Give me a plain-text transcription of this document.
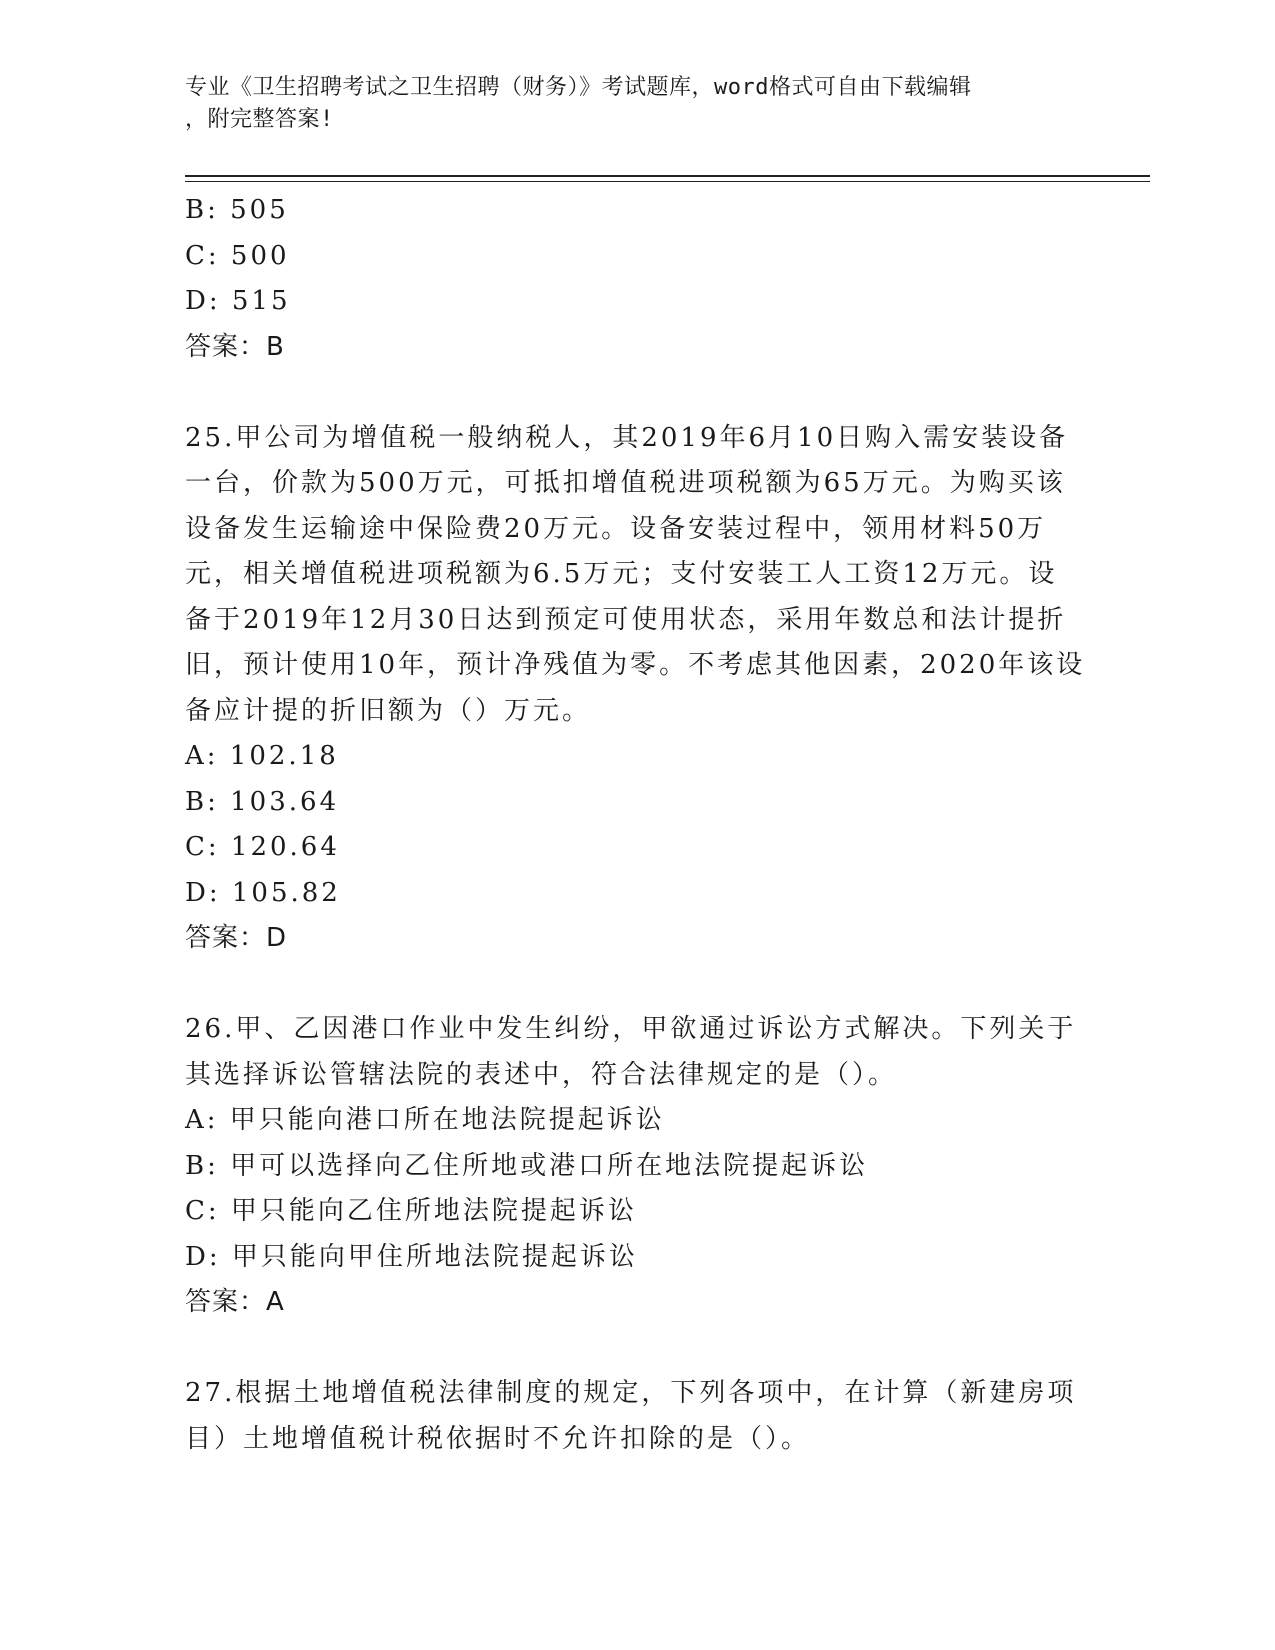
专业《卫生招聘考试之卫生招聘（财务）》考试题库，word格式可自由下载编辑
，附完整答案!
B: 505
C: 500
D: 515
答案：B
25.甲公司为增值税一般纳税人，其2019年6月10日购入需安装设备
一台，价款为500万元，可抵扣增值税进项税额为65万元。为购买该
设备发生运输途中保险费20万元。设备安装过程中，领用材料50万
元，相关增值税进项税额为6.5万元；支付安装工人工资12万元。设
备于2019年12月30日达到预定可使用状态，采用年数总和法计提折
旧，预计使用10年，预计净残值为零。不考虑其他因素，2020年该设
备应计提的折旧额为（）万元。
A: 102.18
B: 103.64
C: 120.64
D: 105.82
答案：D
26.甲、乙因港口作业中发生纠纷，甲欲通过诉讼方式解决。下列关于
其选择诉讼管辖法院的表述中，符合法律规定的是（）。
A: 甲只能向港口所在地法院提起诉讼
B: 甲可以选择向乙住所地或港口所在地法院提起诉讼
C: 甲只能向乙住所地法院提起诉讼
D: 甲只能向甲住所地法院提起诉讼
答案：A
27.根据土地增值税法律制度的规定，下列各项中，在计算（新建房项
目）土地增值税计税依据时不允许扣除的是（）。
